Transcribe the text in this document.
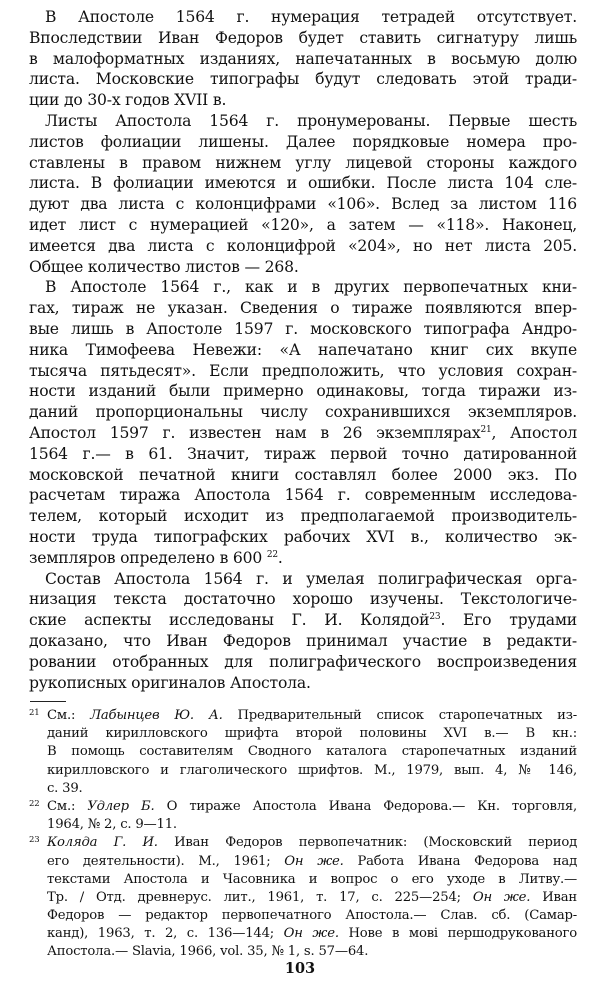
В Апостоле 1564 г. нумерация тетрадей отсутствует.
Впоследствии Иван Федоров будет ставить сигнатуру лишь
в малоформатных изданиях, напечатанных в восьмую долю
листа. Московские типографы будут следовать этой тради-
ции до 30-х годов XVII в.
Листы Апостола 1564 г. пронумерованы. Первые шесть
листов фолиации лишены. Далее порядковые номера про-
ставлены в правом нижнем углу лицевой стороны каждого
листа. В фолиации имеются и ошибки. После листа 104 сле-
дуют два листа с колонцифрами «106». Вслед за листом 116
идет лист с нумерацией «120», а затем — «118». Наконец,
имеется два листа с колонцифрой «204», но нет листа 205.
Общее количество листов — 268.
В Апостоле 1564 г., как и в других первопечатных кни-
гах, тираж не указан. Сведения о тираже появляются впер-
вые лишь в Апостоле 1597 г. московского типографа Андро-
ника Тимофеева Невежи: «А напечатано книг сих вкупе
тысяча пятьдесят». Если предположить, что условия сохран-
ности изданий были примерно одинаковы, тогда тиражи из-
даний пропорциональны числу сохранившихся экземпляров.
Апостол 1597 г. известен нам в 26 экземплярах$^{21}$, Апостол
1564 г.— в 61. Значит, тираж первой точно датированной
московской печатной книги составлял более 2000 экз. По
расчетам тиража Апостола 1564 г. современным исследова-
телем, который исходит из предполагаемой производитель-
ности труда типографских рабочих XVI в., количество эк-
земпляров определено в 600 $^{22}$.
Состав Апостола 1564 г. и умелая полиграфическая орга-
низация текста достаточно хорошо изучены. Текстологиче-
ские аспекты исследованы Г. И. Колядой$^{23}$. Его трудами
доказано, что Иван Федоров принимал участие в редакти-
ровании отобранных для полиграфического воспроизведения
рукописных оригиналов Апостола.
21 См.: Лабынцев Ю. А. Предварительный список старопечатных из-
даний кирилловского шрифта второй половины XVI в.— В кн.:
В помощь составителям Сводного каталога старопечатных изданий
кирилловского и глаголического шрифтов. М., 1979, вып. 4, № 146,
с. 39.
22 См.: Удлер Б. О тираже Апостола Ивана Федорова.— Кн. торговля,
1964, № 2, с. 9—11.
23 Коляда Г. И. Иван Федоров первопечатник: (Московский период
его деятельности). М., 1961; Он же. Работа Ивана Федорова над
текстами Апостола и Часовника и вопрос о его уходе в Литву.—
Тр. / Отд. древнерус. лит., 1961, т. 17, с. 225—254; Он же. Иван
Федоров — редактор первопечатного Апостола.— Слав. сб. (Самар-
канд), 1963, т. 2, с. 136—144; Он же. Нове в мові першодрукованого
Апостола.— Slavia, 1966, vol. 35, № 1, s. 57—64.
103
